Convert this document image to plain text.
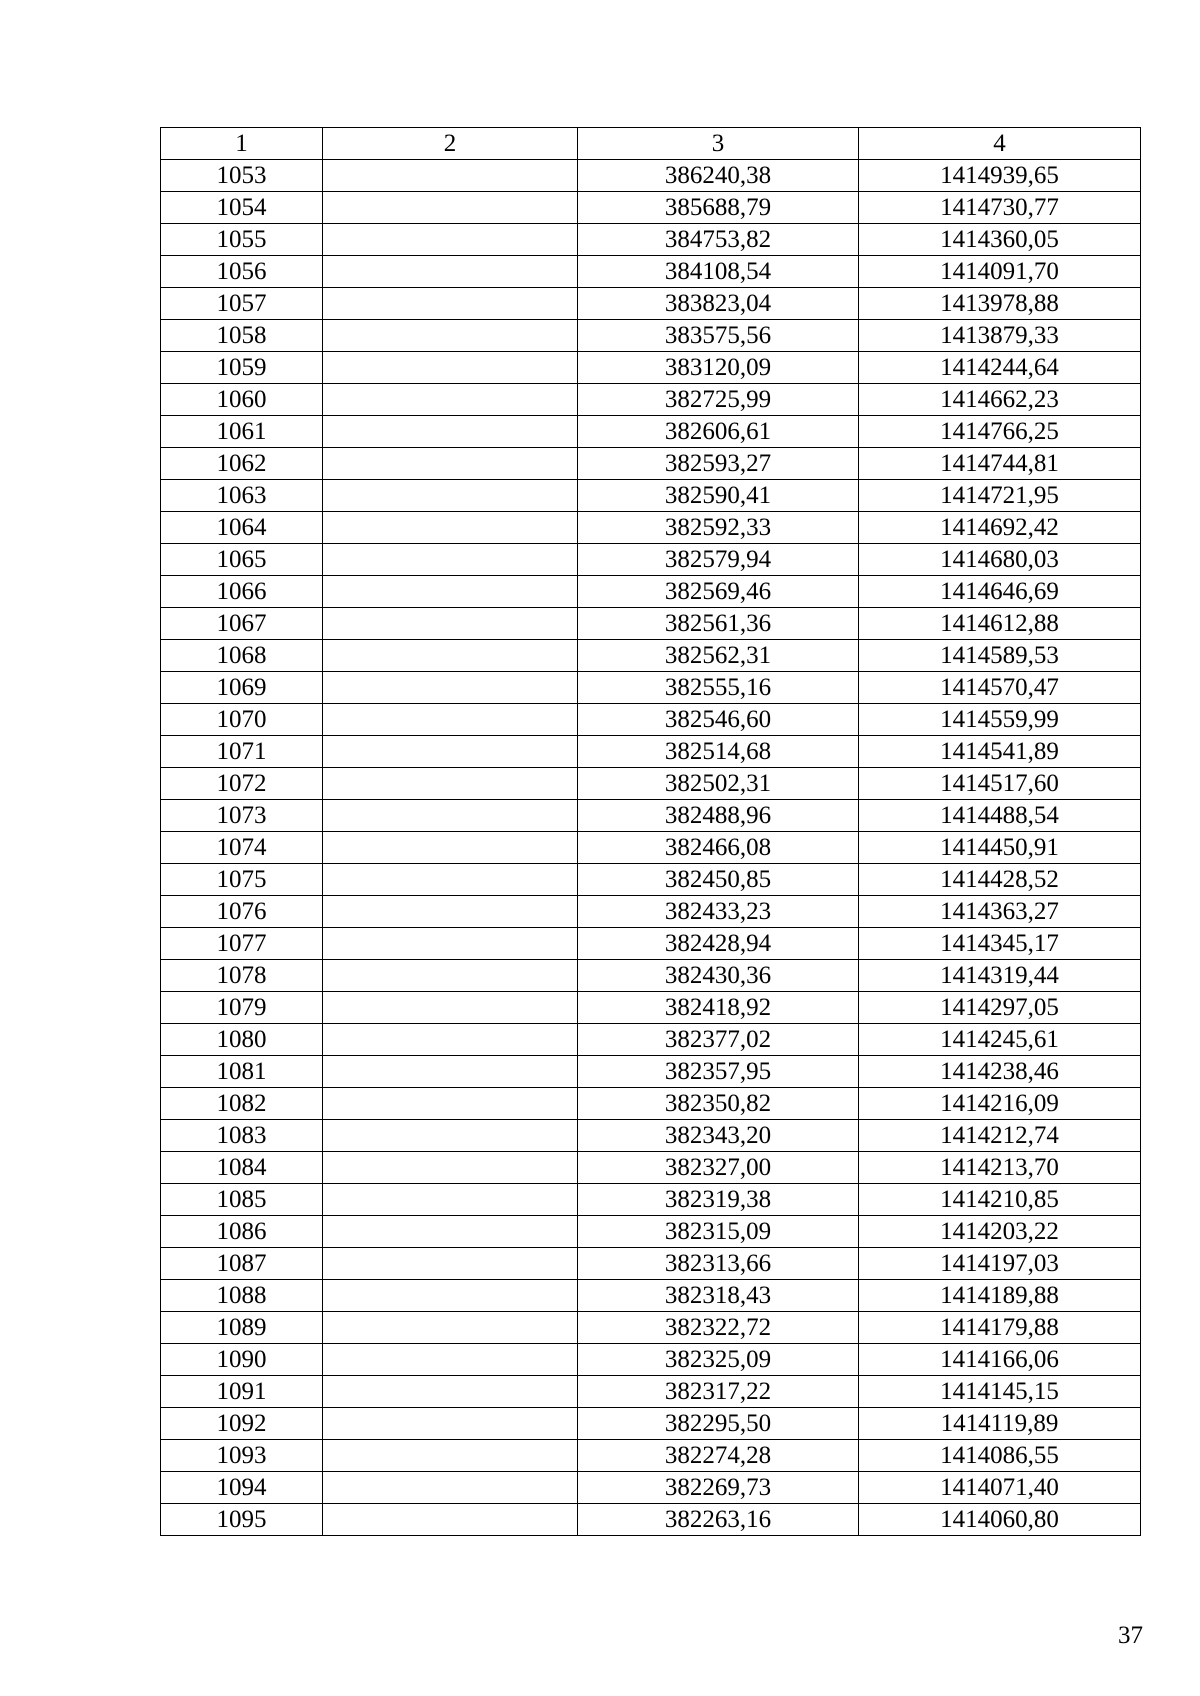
1	2	3	4
1053		386240,38	1414939,65
1054		385688,79	1414730,77
1055		384753,82	1414360,05
1056		384108,54	1414091,70
1057		383823,04	1413978,88
1058		383575,56	1413879,33
1059		383120,09	1414244,64
1060		382725,99	1414662,23
1061		382606,61	1414766,25
1062		382593,27	1414744,81
1063		382590,41	1414721,95
1064		382592,33	1414692,42
1065		382579,94	1414680,03
1066		382569,46	1414646,69
1067		382561,36	1414612,88
1068		382562,31	1414589,53
1069		382555,16	1414570,47
1070		382546,60	1414559,99
1071		382514,68	1414541,89
1072		382502,31	1414517,60
1073		382488,96	1414488,54
1074		382466,08	1414450,91
1075		382450,85	1414428,52
1076		382433,23	1414363,27
1077		382428,94	1414345,17
1078		382430,36	1414319,44
1079		382418,92	1414297,05
1080		382377,02	1414245,61
1081		382357,95	1414238,46
1082		382350,82	1414216,09
1083		382343,20	1414212,74
1084		382327,00	1414213,70
1085		382319,38	1414210,85
1086		382315,09	1414203,22
1087		382313,66	1414197,03
1088		382318,43	1414189,88
1089		382322,72	1414179,88
1090		382325,09	1414166,06
1091		382317,22	1414145,15
1092		382295,50	1414119,89
1093		382274,28	1414086,55
1094		382269,73	1414071,40
1095		382263,16	1414060,80
37
